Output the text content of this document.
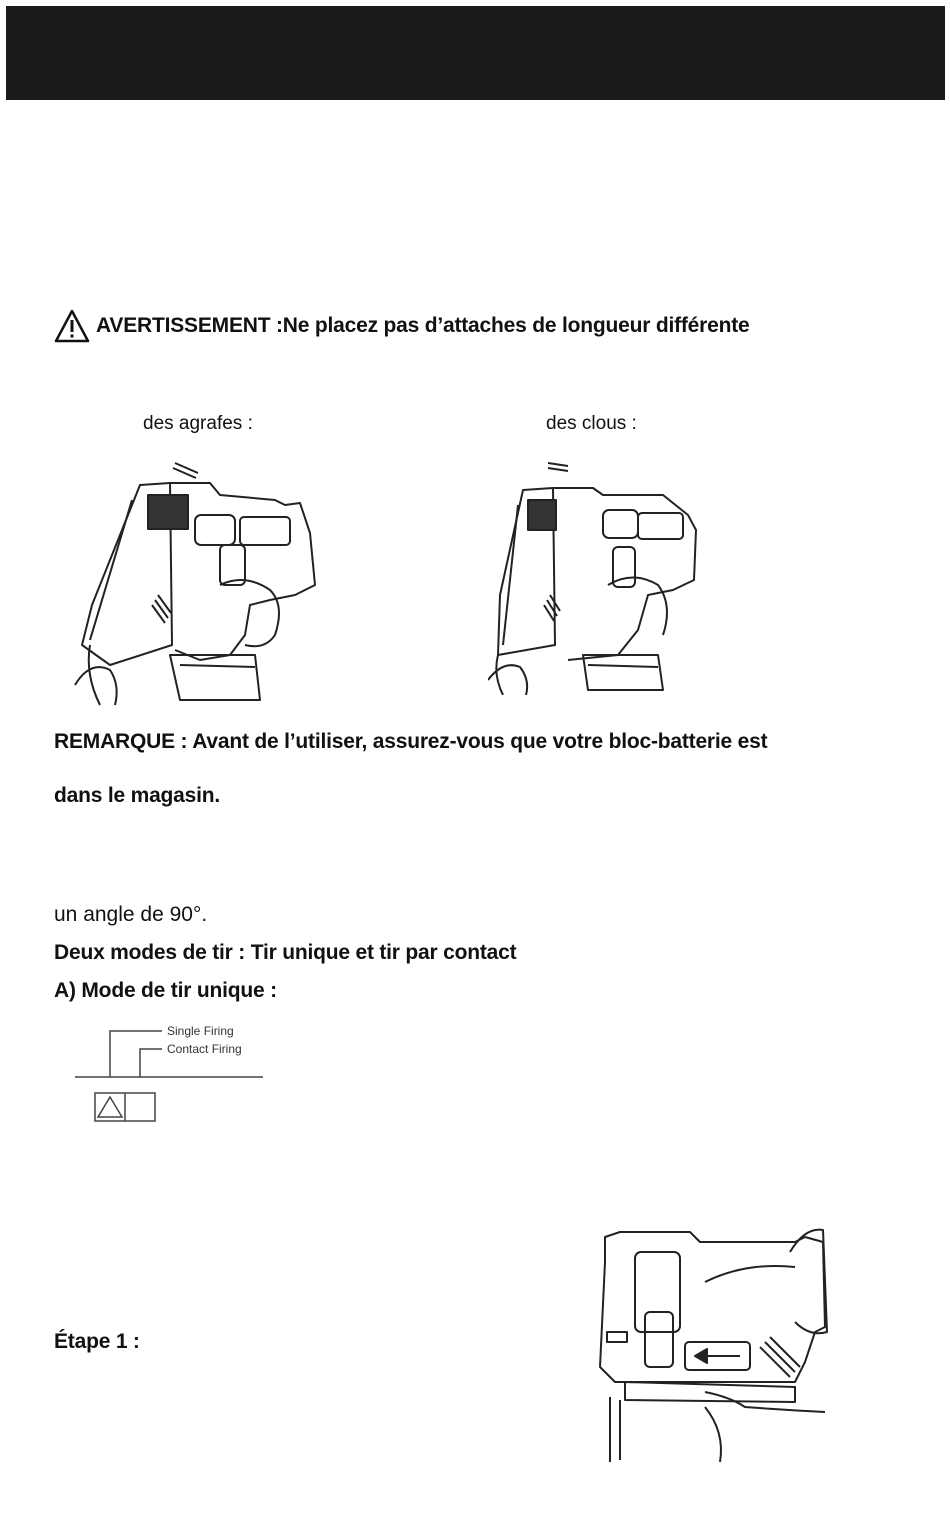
AVERTISSEMENT : Ne placez pas d’attaches de longueur différente
des agrafes :	des clous :
REMARQUE : Avant de l’utiliser, assurez-vous que votre bloc-batterie est
dans le magasin.
un angle de 90°.
Deux modes de tir : Tir unique et tir par contact
A) Mode de tir unique :
Single Firing
Contact Firing
Étape 1 :
